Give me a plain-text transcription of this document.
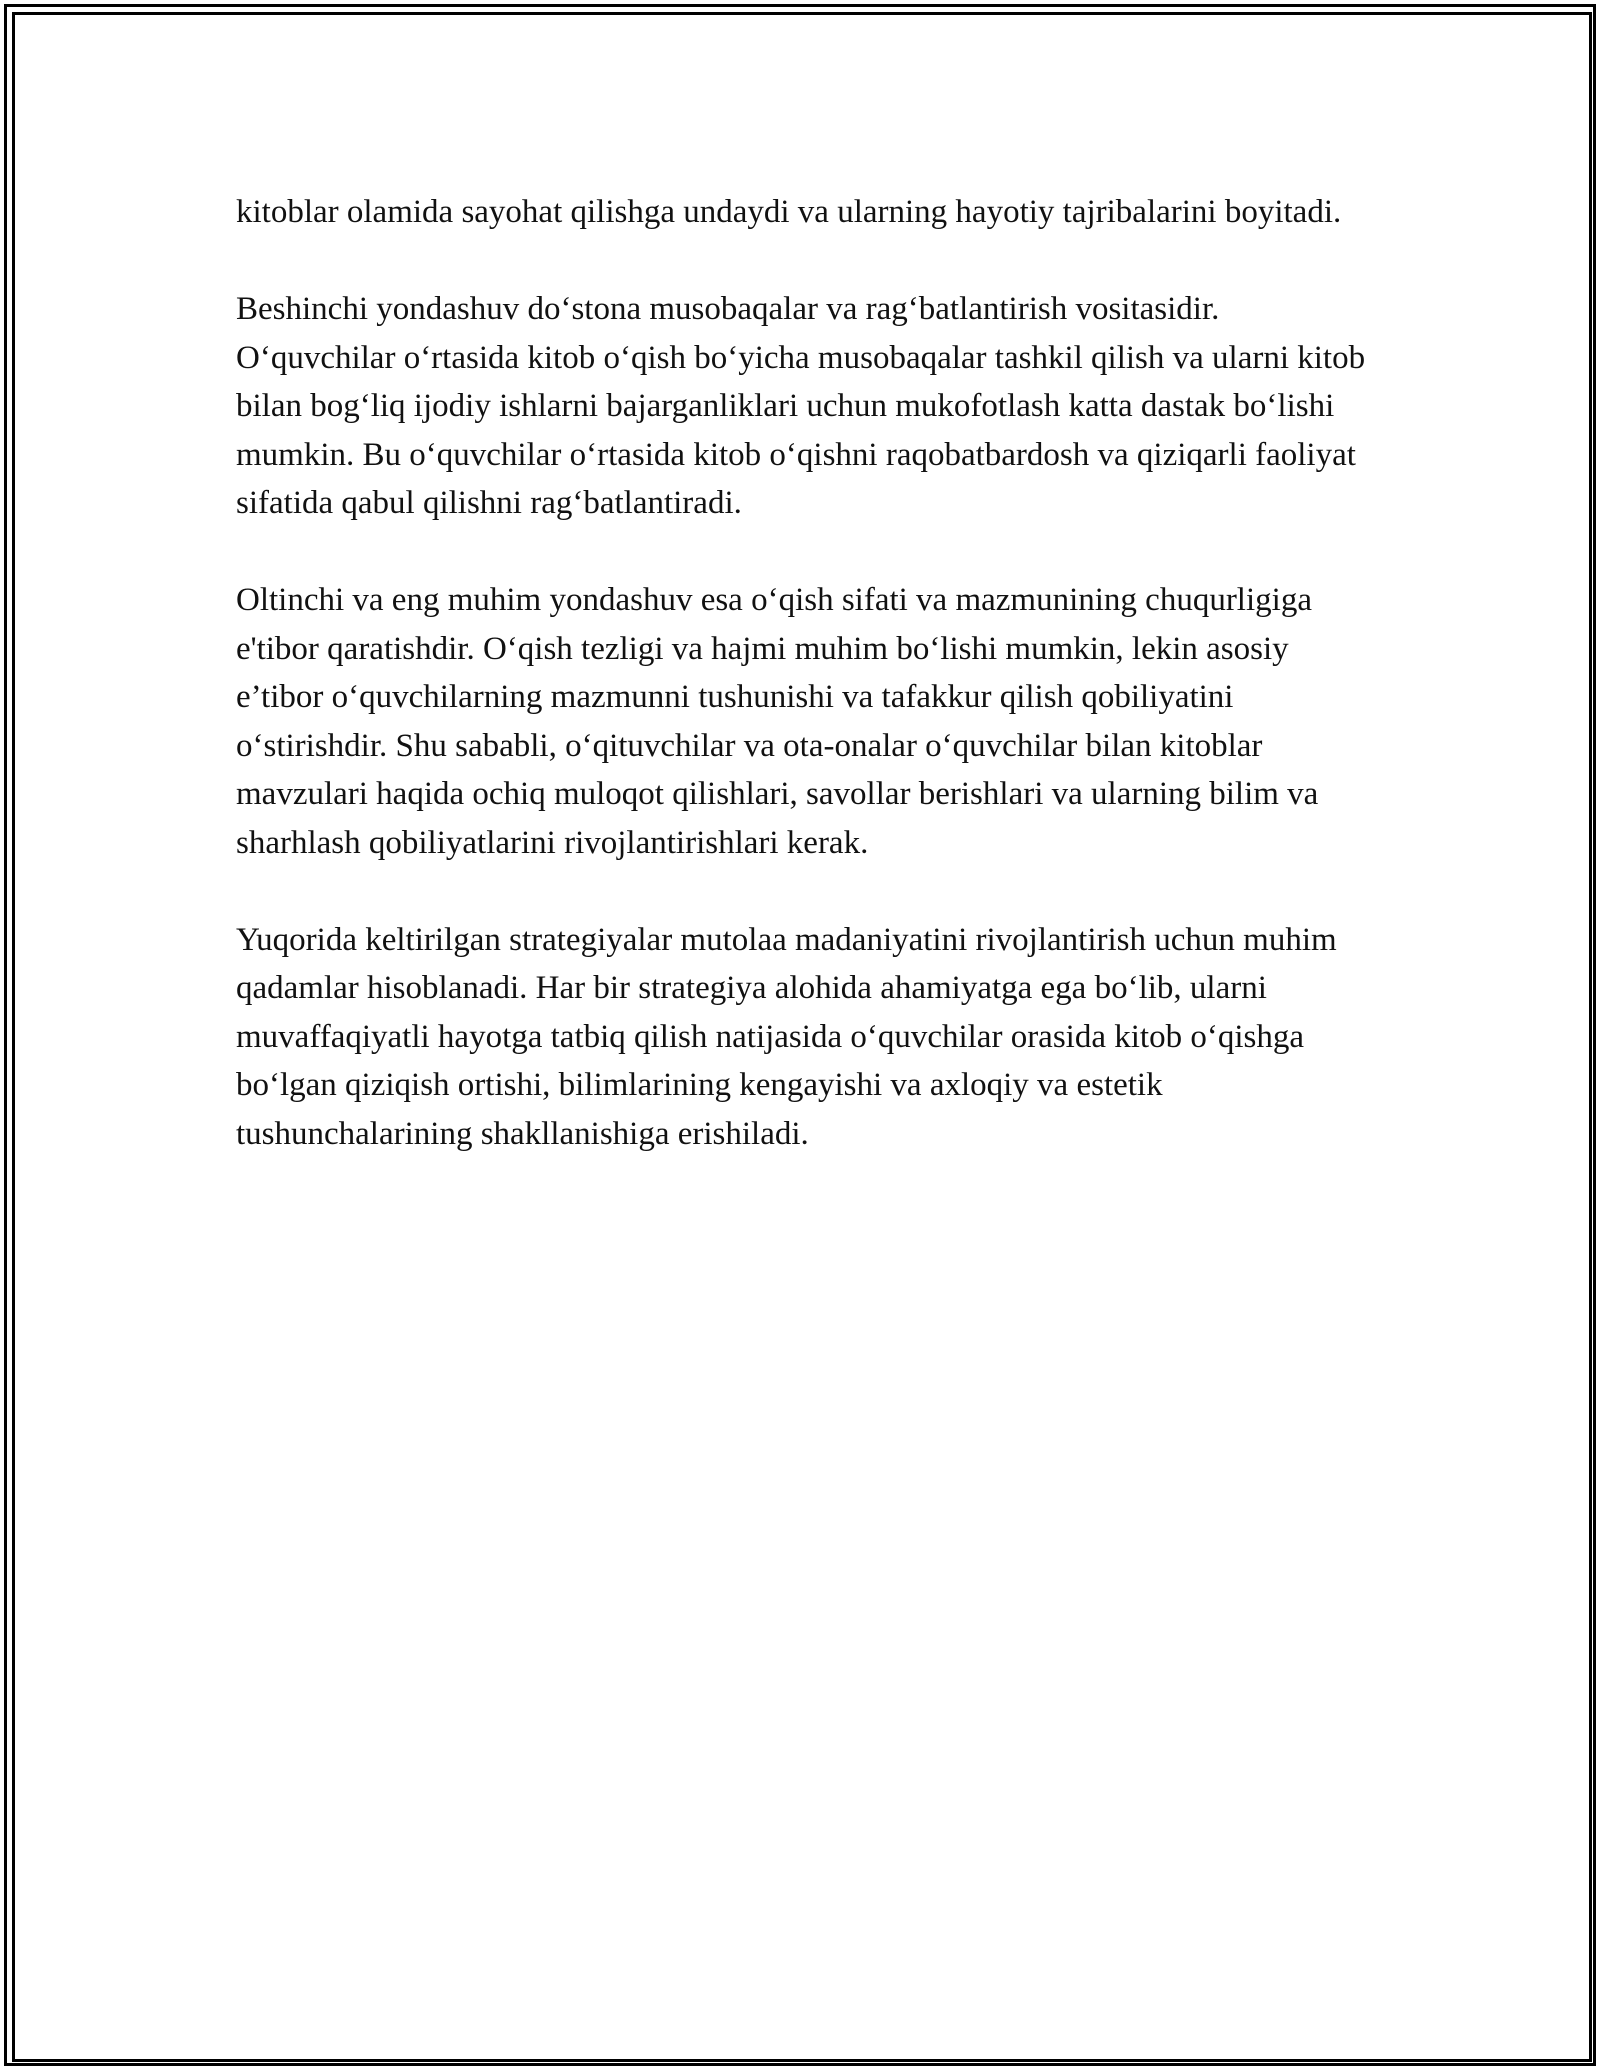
kitoblar olamida sayohat qilishga undaydi va ularning hayotiy tajribalarini boyitadi.

Beshinchi yondashuv do‘stona musobaqalar va rag‘batlantirish vositasidir. O‘quvchilar o‘rtasida kitob o‘qish bo‘yicha musobaqalar tashkil qilish va ularni kitob bilan bog‘liq ijodiy ishlarni bajarganliklari uchun mukofotlash katta dastak bo‘lishi mumkin. Bu o‘quvchilar o‘rtasida kitob o‘qishni raqobatbardosh va qiziqarli faoliyat sifatida qabul qilishni rag‘batlantiradi.

Oltinchi va eng muhim yondashuv esa o‘qish sifati va mazmunining chuqurligiga e'tibor qaratishdir. O‘qish tezligi va hajmi muhim bo‘lishi mumkin, lekin asosiy e’tibor o‘quvchilarning mazmunni tushunishi va tafakkur qilish qobiliyatini o‘stirishdir. Shu sababli, o‘qituvchilar va ota-onalar o‘quvchilar bilan kitoblar mavzulari haqida ochiq muloqot qilishlari, savollar berishlari va ularning bilim va sharhlash qobiliyatlarini rivojlantirishlari kerak.

Yuqorida keltirilgan strategiyalar mutolaa madaniyatini rivojlantirish uchun muhim qadamlar hisoblanadi. Har bir strategiya alohida ahamiyatga ega bo‘lib, ularni muvaffaqiyatli hayotga tatbiq qilish natijasida o‘quvchilar orasida kitob o‘qishga bo‘lgan qiziqish ortishi, bilimlarining kengayishi va axloqiy va estetik tushunchalarining shakllanishiga erishiladi.
